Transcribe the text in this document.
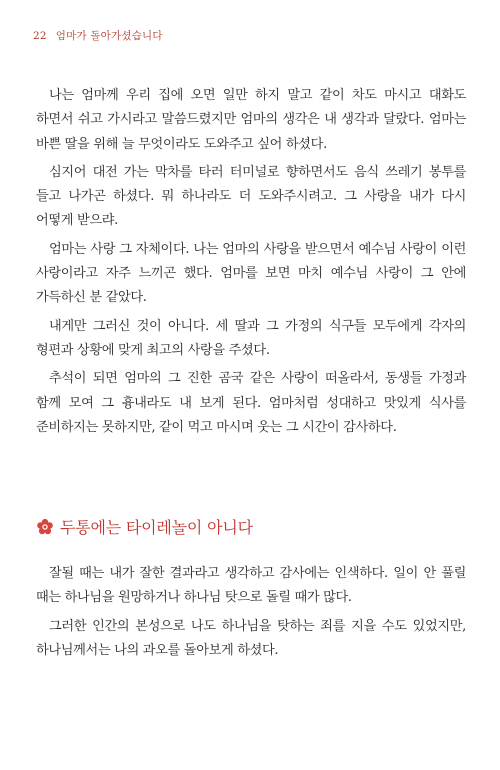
22 엄마가 돌아가셨습니다

나는 엄마께 우리 집에 오면 일만 하지 말고 같이 차도 마시고 대화도 하면서 쉬고 가시라고 말씀드렸지만 엄마의 생각은 내 생각과 달랐다. 엄마는 바쁜 딸을 위해 늘 무엇이라도 도와주고 싶어 하셨다.

심지어 대전 가는 막차를 타러 터미널로 향하면서도 음식 쓰레기 봉투를 들고 나가곤 하셨다. 뭐 하나라도 더 도와주시려고. 그 사랑을 내가 다시 어떻게 받으랴.

엄마는 사랑 그 자체이다. 나는 엄마의 사랑을 받으면서 예수님 사랑이 이런 사랑이라고 자주 느끼곤 했다. 엄마를 보면 마치 예수님 사랑이 그 안에 가득하신 분 같았다.

내게만 그러신 것이 아니다. 세 딸과 그 가정의 식구들 모두에게 각자의 형편과 상황에 맞게 최고의 사랑을 주셨다.

추석이 되면 엄마의 그 진한 곰국 같은 사랑이 떠올라서, 동생들 가정과 함께 모여 그 흉내라도 내 보게 된다. 엄마처럼 성대하고 맛있게 식사를 준비하지는 못하지만, 같이 먹고 마시며 웃는 그 시간이 감사하다.

두통에는 타이레놀이 아니다

잘될 때는 내가 잘한 결과라고 생각하고 감사에는 인색하다. 일이 안 풀릴 때는 하나님을 원망하거나 하나님 탓으로 돌릴 때가 많다.

그러한 인간의 본성으로 나도 하나님을 탓하는 죄를 지을 수도 있었지만, 하나님께서는 나의 과오를 돌아보게 하셨다.
